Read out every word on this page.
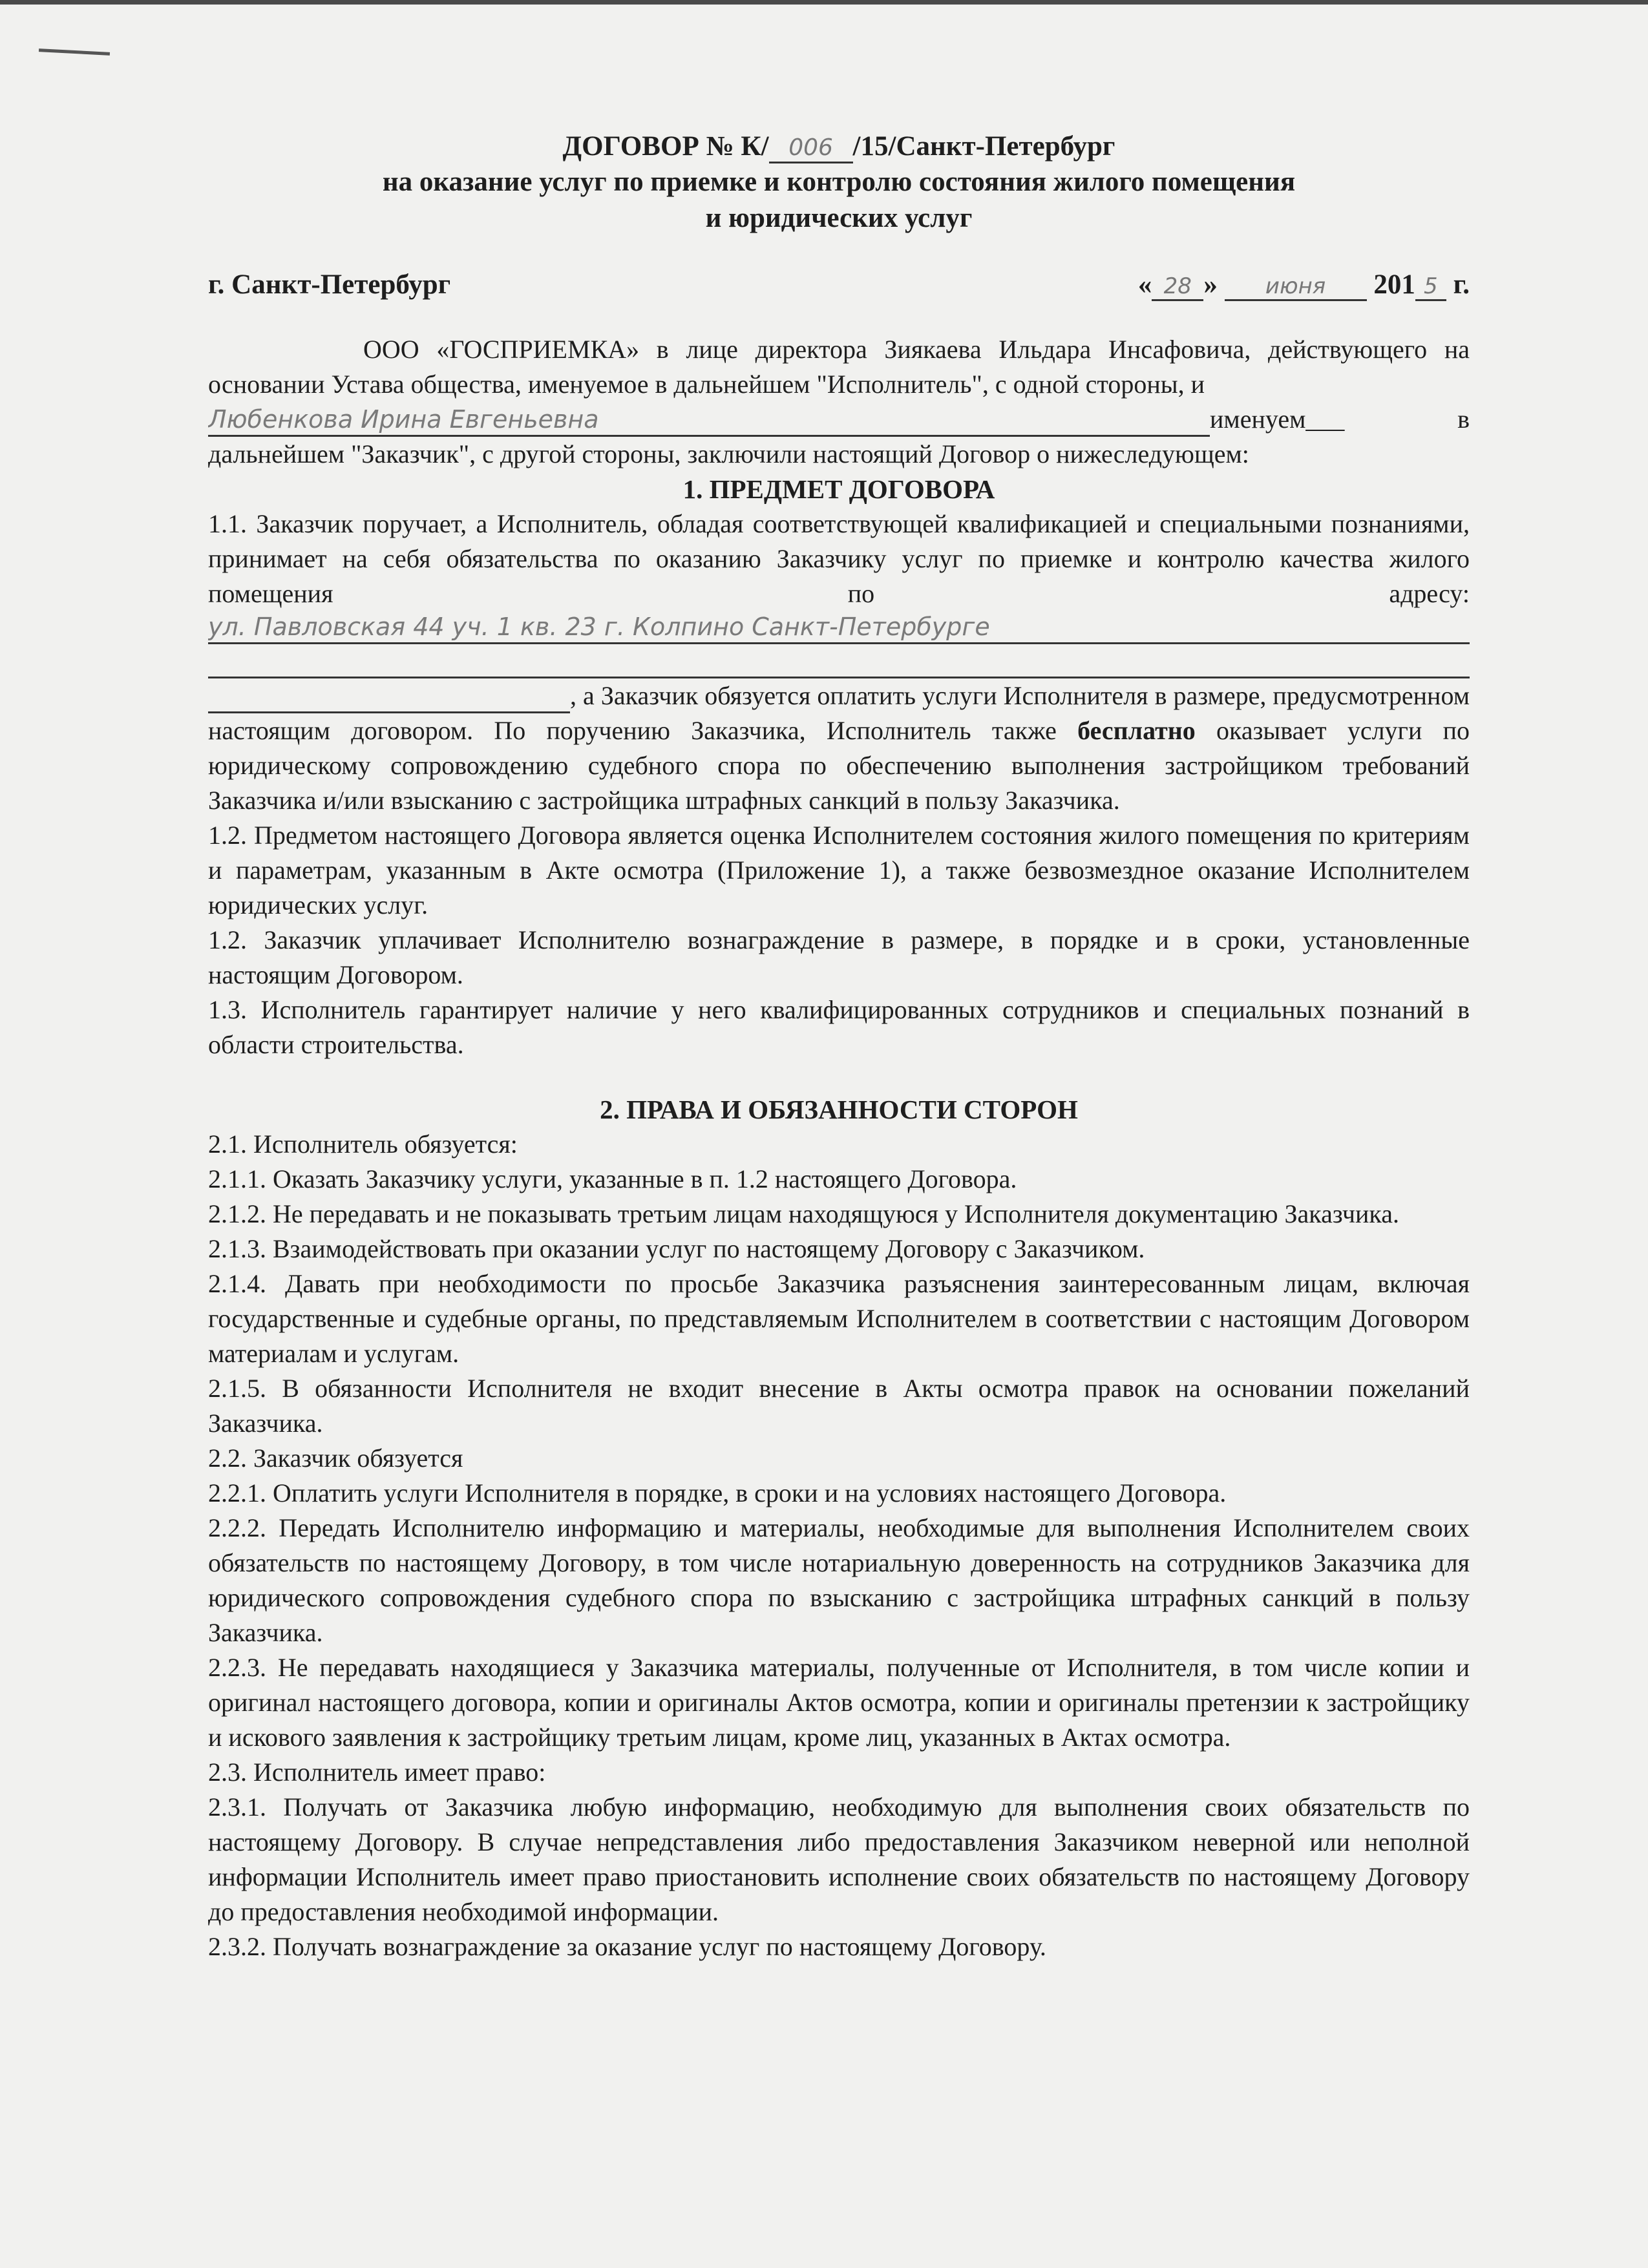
ДОГОВОР № К/ 006 /15/Санкт-Петербург
на оказание услуг по приемке и контролю состояния жилого помещения
и юридических услуг
г. Санкт-Петербург	« 28 » июня 201 5 г.
ООО «ГОСПРИЕМКА» в лице директора Зиякаева Ильдара Инсафовича, действующего на основании Устава общества, именуемое в дальнейшем "Исполнитель", с одной стороны, и
Любенкова Ирина Евгеньевна	именуем___	в
дальнейшем "Заказчик", с другой стороны, заключили настоящий Договор о нижеследующем:
1. ПРЕДМЕТ ДОГОВОРА
1.1. Заказчик поручает, а Исполнитель, обладая соответствующей квалификацией и специальными познаниями, принимает на себя обязательства по оказанию Заказчику услуг по приемке и контролю качества жилого помещения по адресу:
ул. Павловская 44 уч. 1 кв. 23 г. Колпино Санкт-Петербурге
, а Заказчик обязуется оплатить услуги Исполнителя в размере, предусмотренном настоящим договором. По поручению Заказчика, Исполнитель также бесплатно оказывает услуги по юридическому сопровождению судебного спора по обеспечению выполнения застройщиком требований Заказчика и/или взысканию с застройщика штрафных санкций в пользу Заказчика.
1.2. Предметом настоящего Договора является оценка Исполнителем состояния жилого помещения по критериям и параметрам, указанным в Акте осмотра (Приложение 1), а также безвозмездное оказание Исполнителем юридических услуг.
1.2. Заказчик уплачивает Исполнителю вознаграждение в размере, в порядке и в сроки, установленные настоящим Договором.
1.3. Исполнитель гарантирует наличие у него квалифицированных сотрудников и специальных познаний в области строительства.
2. ПРАВА И ОБЯЗАННОСТИ СТОРОН
2.1. Исполнитель обязуется:
2.1.1. Оказать Заказчику услуги, указанные в п. 1.2 настоящего Договора.
2.1.2. Не передавать и не показывать третьим лицам находящуюся у Исполнителя документацию Заказчика.
2.1.3. Взаимодействовать при оказании услуг по настоящему Договору с Заказчиком.
2.1.4. Давать при необходимости по просьбе Заказчика разъяснения заинтересованным лицам, включая государственные и судебные органы, по представляемым Исполнителем в соответствии с настоящим Договором материалам и услугам.
2.1.5. В обязанности Исполнителя не входит внесение в Акты осмотра правок на основании пожеланий Заказчика.
2.2. Заказчик обязуется
2.2.1. Оплатить услуги Исполнителя в порядке, в сроки и на условиях настоящего Договора.
2.2.2. Передать Исполнителю информацию и материалы, необходимые для выполнения Исполнителем своих обязательств по настоящему Договору, в том числе нотариальную доверенность на сотрудников Заказчика для юридического сопровождения судебного спора по взысканию с застройщика штрафных санкций в пользу Заказчика.
2.2.3. Не передавать находящиеся у Заказчика материалы, полученные от Исполнителя, в том числе копии и оригинал настоящего договора, копии и оригиналы Актов осмотра, копии и оригиналы претензии к застройщику и искового заявления к застройщику третьим лицам, кроме лиц, указанных в Актах осмотра.
2.3. Исполнитель имеет право:
2.3.1. Получать от Заказчика любую информацию, необходимую для выполнения своих обязательств по настоящему Договору. В случае непредставления либо предоставления Заказчиком неверной или неполной информации Исполнитель имеет право приостановить исполнение своих обязательств по настоящему Договору до предоставления необходимой информации.
2.3.2. Получать вознаграждение за оказание услуг по настоящему Договору.
